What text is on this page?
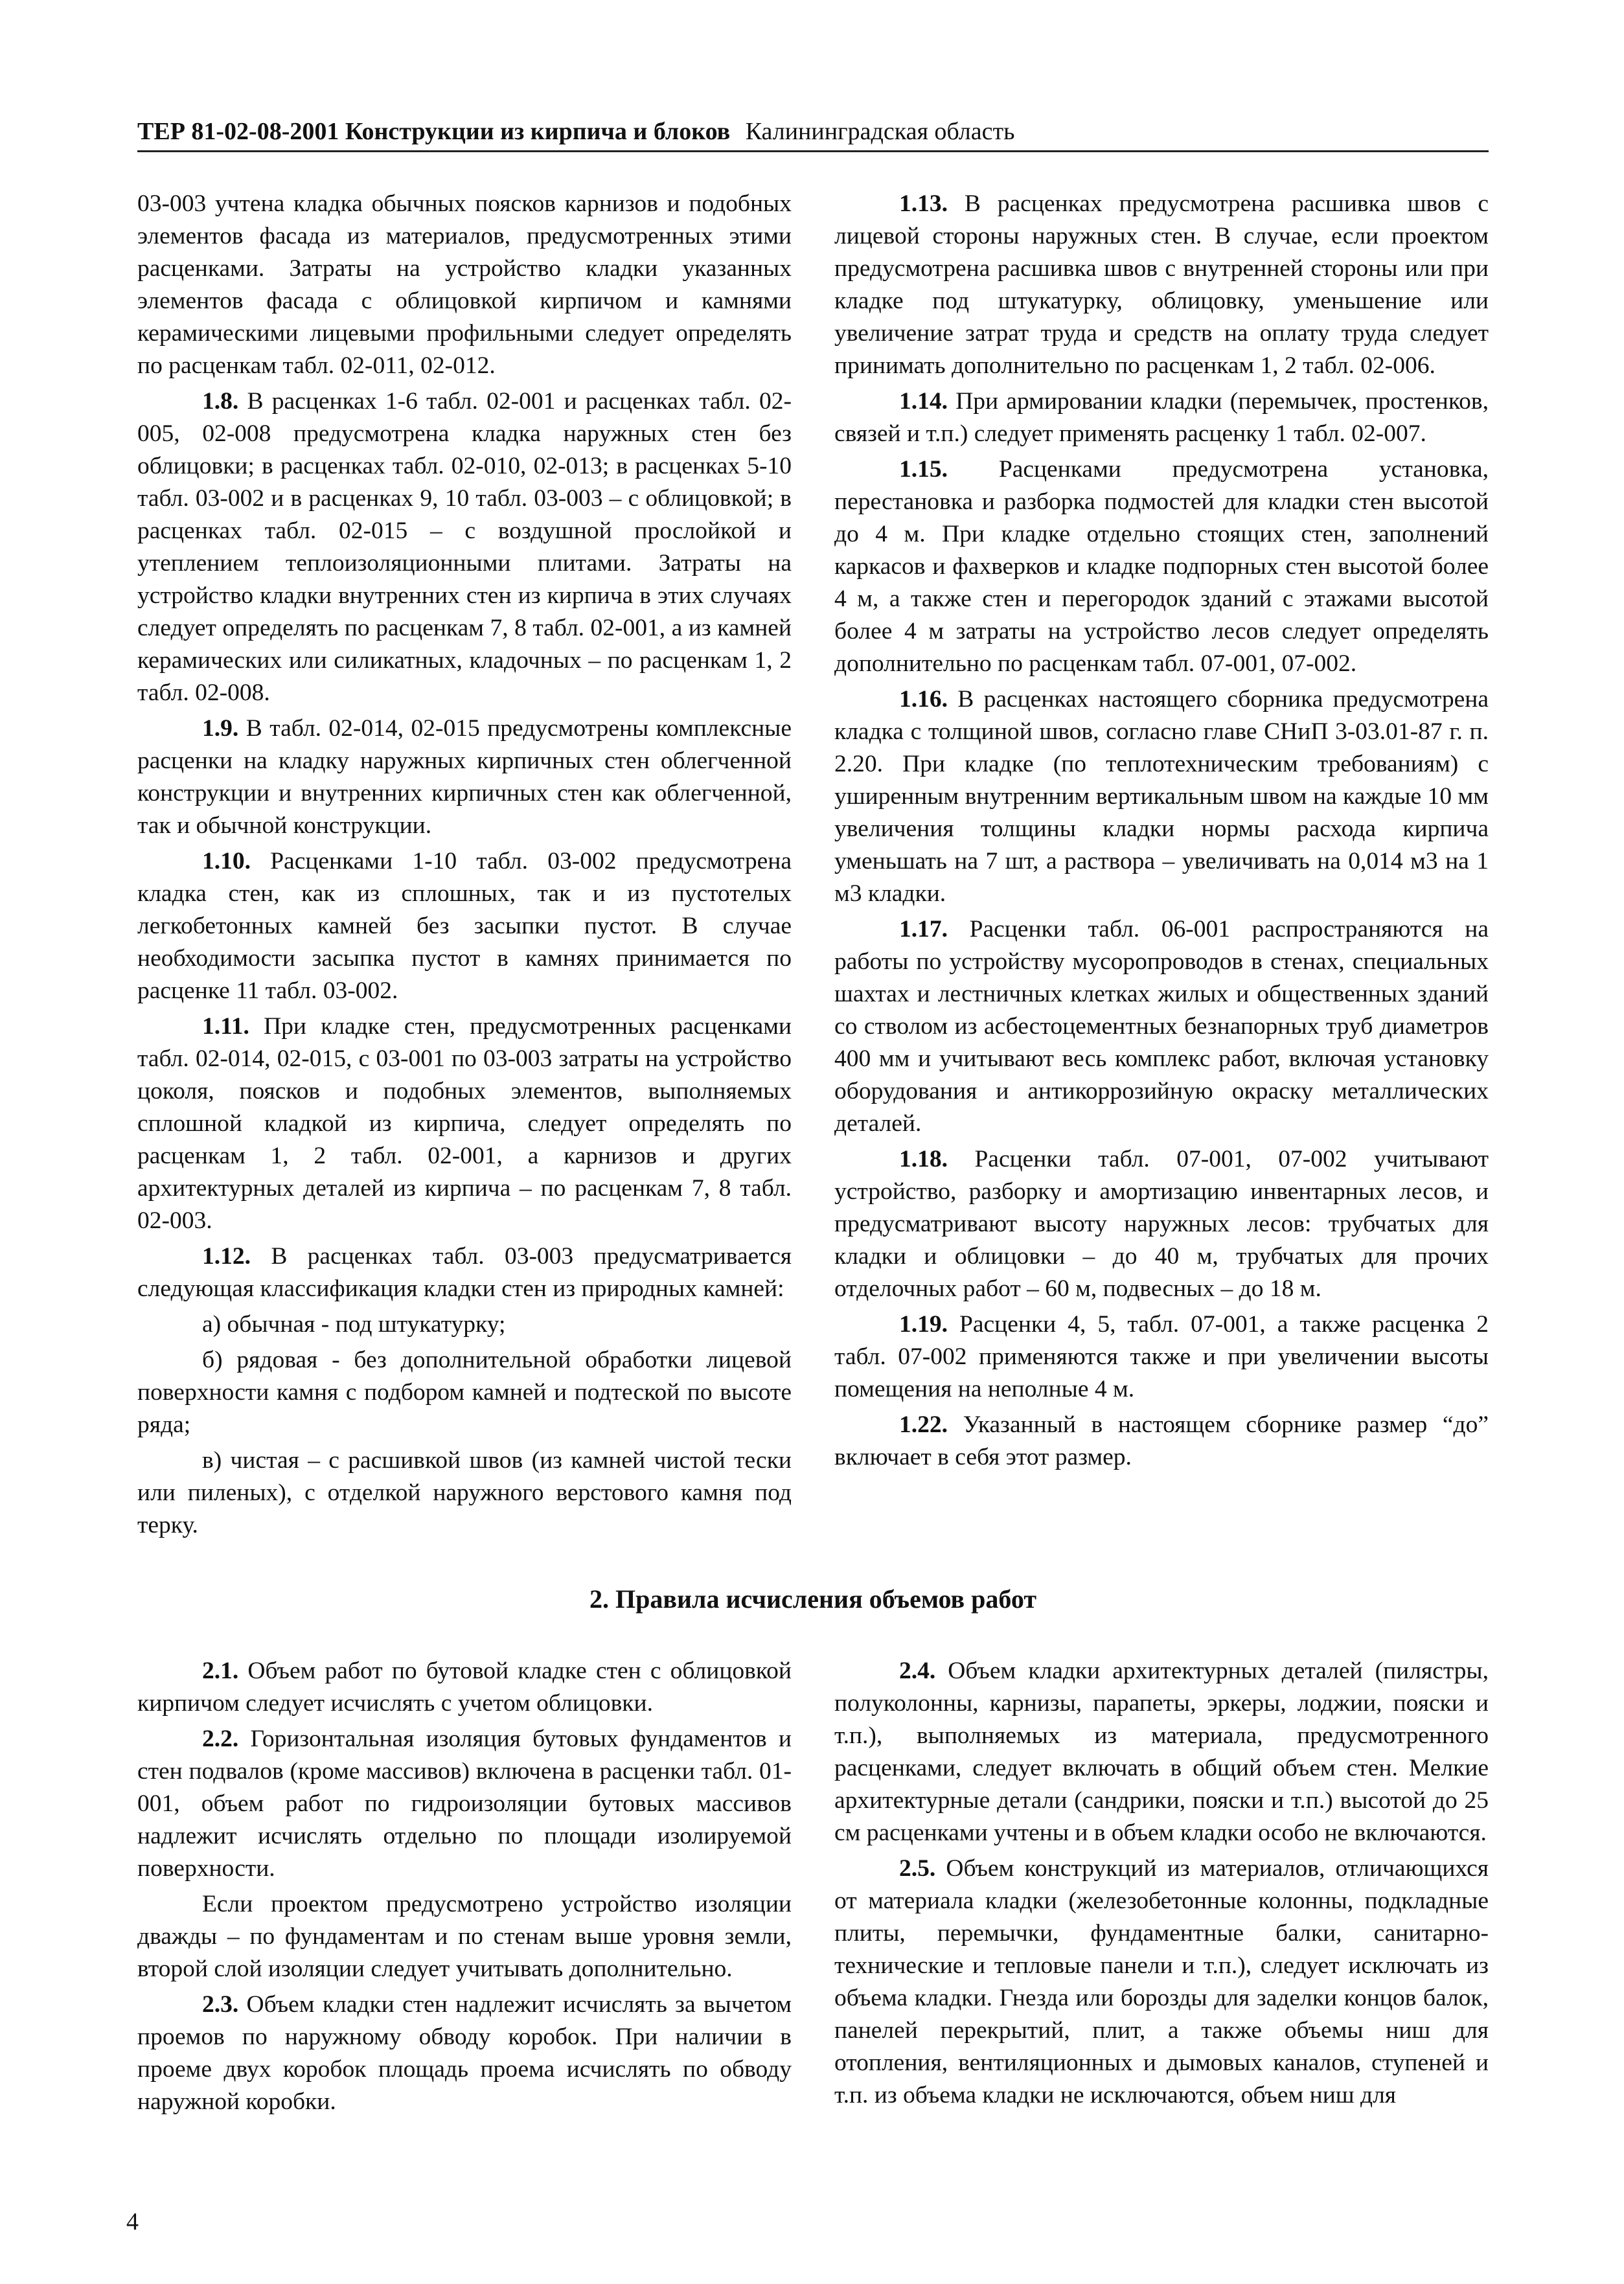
ТЕР 81-02-08-2001 Конструкции из кирпича и блоков Калининградская область

03-003 учтена кладка обычных поясков карнизов и подобных элементов фасада из материалов, предусмотренных этими расценками. Затраты на устройство кладки указанных элементов фасада с облицовкой кирпичом и камнями керамическими лицевыми профильными следует определять по расценкам табл. 02-011, 02-012.

1.8. В расценках 1-6 табл. 02-001 и расценках табл. 02-005, 02-008 предусмотрена кладка наружных стен без облицовки; в расценках табл. 02-010, 02-013; в расценках 5-10 табл. 03-002 и в расценках 9, 10 табл. 03-003 – с облицовкой; в расценках табл. 02-015 – с воздушной прослойкой и утеплением теплоизоляционными плитами. Затраты на устройство кладки внутренних стен из кирпича в этих случаях следует определять по расценкам 7, 8 табл. 02-001, а из камней керамических или силикатных, кладочных – по расценкам 1, 2 табл. 02-008.

1.9. В табл. 02-014, 02-015 предусмотрены комплексные расценки на кладку наружных кирпичных стен облегченной конструкции и внутренних кирпичных стен как облегченной, так и обычной конструкции.

1.10. Расценками 1-10 табл. 03-002 предусмотрена кладка стен, как из сплошных, так и из пустотелых легкобетонных камней без засыпки пустот. В случае необходимости засыпка пустот в камнях принимается по расценке 11 табл. 03-002.

1.11. При кладке стен, предусмотренных расценками табл. 02-014, 02-015, с 03-001 по 03-003 затраты на устройство цоколя, поясков и подобных элементов, выполняемых сплошной кладкой из кирпича, следует определять по расценкам 1, 2 табл. 02-001, а карнизов и других архитектурных деталей из кирпича – по расценкам 7, 8 табл. 02-003.

1.12. В расценках табл. 03-003 предусматривается следующая классификация кладки стен из природных камней:

а) обычная - под штукатурку;

б) рядовая - без дополнительной обработки лицевой поверхности камня с подбором камней и подтеской по высоте ряда;

в) чистая – с расшивкой швов (из камней чистой тески или пиленых), с отделкой наружного верстового камня под терку.

1.13. В расценках предусмотрена расшивка швов с лицевой стороны наружных стен. В случае, если проектом предусмотрена расшивка швов с внутренней стороны или при кладке под штукатурку, облицовку, уменьшение или увеличение затрат труда и средств на оплату труда следует принимать дополнительно по расценкам 1, 2 табл. 02-006.

1.14. При армировании кладки (перемычек, простенков, связей и т.п.) следует применять расценку 1 табл. 02-007.

1.15. Расценками предусмотрена установка, перестановка и разборка подмостей для кладки стен высотой до 4 м. При кладке отдельно стоящих стен, заполнений каркасов и фахверков и кладке подпорных стен высотой более 4 м, а также стен и перегородок зданий с этажами высотой более 4 м затраты на устройство лесов следует определять дополнительно по расценкам табл. 07-001, 07-002.

1.16. В расценках настоящего сборника предусмотрена кладка с толщиной швов, согласно главе СНиП 3-03.01-87 г. п. 2.20. При кладке (по теплотехническим требованиям) с уширенным внутренним вертикальным швом на каждые 10 мм увеличения толщины кладки нормы расхода кирпича уменьшать на 7 шт, а раствора – увеличивать на 0,014 м3 на 1 м3 кладки.

1.17. Расценки табл. 06-001 распространяются на работы по устройству мусоропроводов в стенах, специальных шахтах и лестничных клетках жилых и общественных зданий со стволом из асбестоцементных безнапорных труб диаметров 400 мм и учитывают весь комплекс работ, включая установку оборудования и антикоррозийную окраску металлических деталей.

1.18. Расценки табл. 07-001, 07-002 учитывают устройство, разборку и амортизацию инвентарных лесов, и предусматривают высоту наружных лесов: трубчатых для кладки и облицовки – до 40 м, трубчатых для прочих отделочных работ – 60 м, подвесных – до 18 м.

1.19. Расценки 4, 5, табл. 07-001, а также расценка 2 табл. 07-002 применяются также и при увеличении высоты помещения на неполные 4 м.

1.22. Указанный в настоящем сборнике размер “до” включает в себя этот размер.

2. Правила исчисления объемов работ

2.1. Объем работ по бутовой кладке стен с облицовкой кирпичом следует исчислять с учетом облицовки.

2.2. Горизонтальная изоляция бутовых фундаментов и стен подвалов (кроме массивов) включена в расценки табл. 01-001, объем работ по гидроизоляции бутовых массивов надлежит исчислять отдельно по площади изолируемой поверхности.

Если проектом предусмотрено устройство изоляции дважды – по фундаментам и по стенам выше уровня земли, второй слой изоляции следует учитывать дополнительно.

2.3. Объем кладки стен надлежит исчислять за вычетом проемов по наружному обводу коробок. При наличии в проеме двух коробок площадь проема исчислять по обводу наружной коробки.

2.4. Объем кладки архитектурных деталей (пилястры, полуколонны, карнизы, парапеты, эркеры, лоджии, пояски и т.п.), выполняемых из материала, предусмотренного расценками, следует включать в общий объем стен. Мелкие архитектурные детали (сандрики, пояски и т.п.) высотой до 25 см расценками учтены и в объем кладки особо не включаются.

2.5. Объем конструкций из материалов, отличающихся от материала кладки (железобетонные колонны, подкладные плиты, перемычки, фундаментные балки, санитарно-технические и тепловые панели и т.п.), следует исключать из объема кладки. Гнезда или борозды для заделки концов балок, панелей перекрытий, плит, а также объемы ниш для отопления, вентиляционных и дымовых каналов, ступеней и т.п. из объема кладки не исключаются, объем ниш для

4
